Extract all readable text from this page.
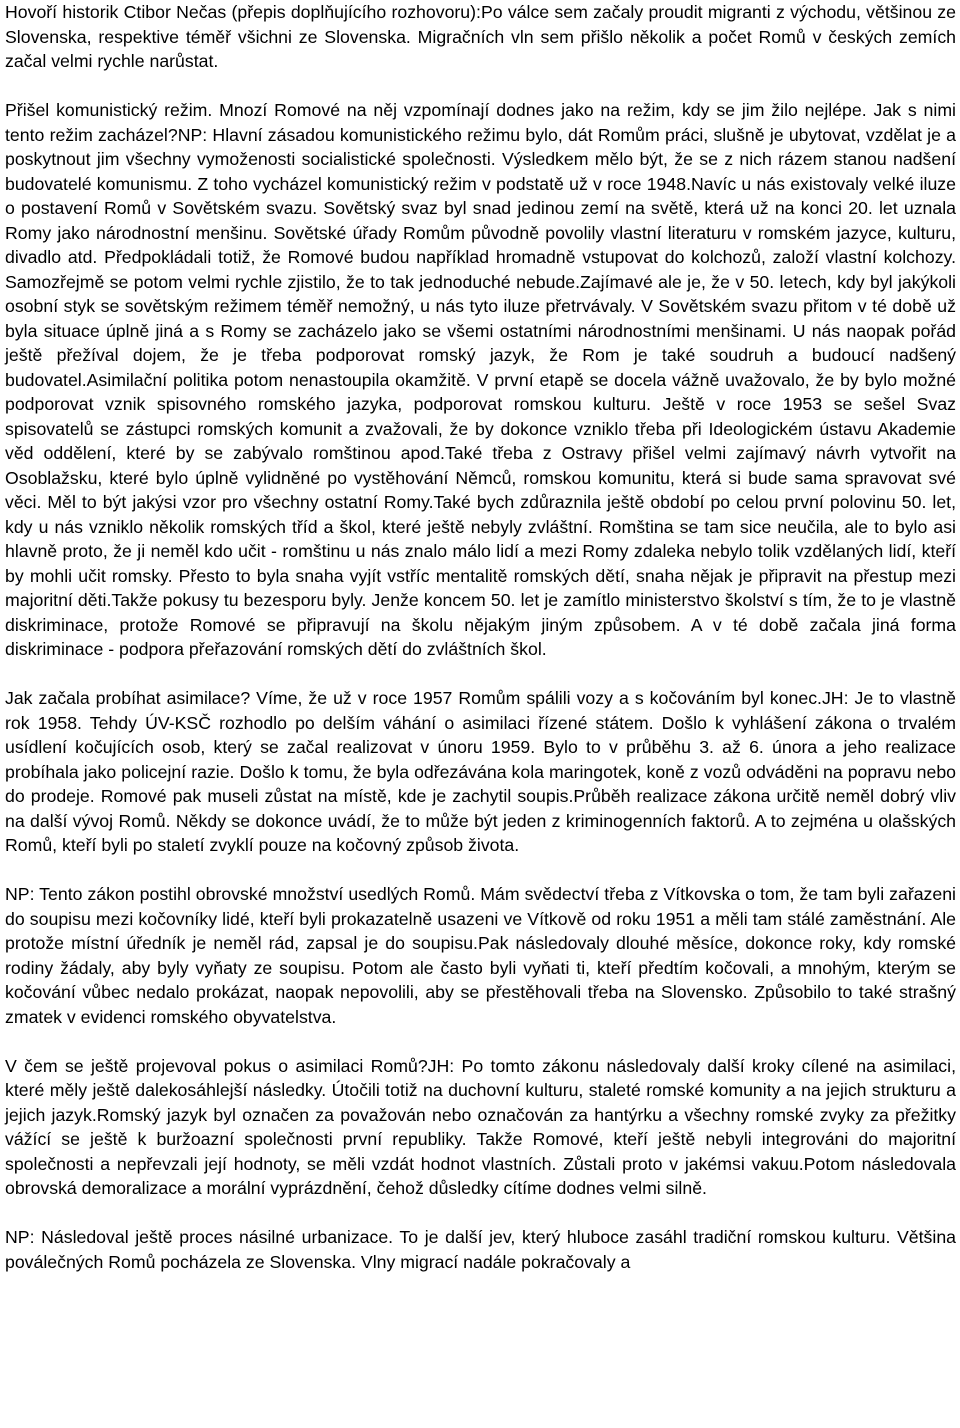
Hovoří historik Ctibor Nečas (přepis doplňujícího rozhovoru):Po válce sem začaly proudit migranti z východu, většinou ze Slovenska, respektive téměř všichni ze Slovenska. Migračních vln sem přišlo několik a počet Romů v českých zemích začal velmi rychle narůstat.

Přišel komunistický režim. Mnozí Romové na něj vzpomínají dodnes jako na režim, kdy se jim žilo nejlépe. Jak s nimi tento režim zacházel?NP: Hlavní zásadou komunistického režimu bylo, dát Romům práci, slušně je ubytovat, vzdělat je a poskytnout jim všechny vymoženosti socialistické společnosti. Výsledkem mělo být, že se z nich rázem stanou nadšení budovatelé komunismu. Z toho vycházel komunistický režim v podstatě už v roce 1948.Navíc u nás existovaly velké iluze o postavení Romů v Sovětském svazu. Sovětský svaz byl snad jedinou zemí na světě, která už na konci 20. let uznala Romy jako národnostní menšinu. Sovětské úřady Romům původně povolily vlastní literaturu v romském jazyce, kulturu, divadlo atd. Předpokládali totiž, že Romové budou například hromadně vstupovat do kolchozů, založí vlastní kolchozy. Samozřejmě se potom velmi rychle zjistilo, že to tak jednoduché nebude.Zajímavé ale je, že v 50. letech, kdy byl jakýkoli osobní styk se sovětským režimem téměř nemožný, u nás tyto iluze přetrvávaly. V Sovětském svazu přitom v té době už byla situace úplně jiná a s Romy se zacházelo jako se všemi ostatními národnostními menšinami. U nás naopak pořád ještě přežíval dojem, že je třeba podporovat romský jazyk, že Rom je také soudruh a budoucí nadšený budovatel.Asimilační politika potom nenastoupila okamžitě. V první etapě se docela vážně uvažovalo, že by bylo možné podporovat vznik spisovného romského jazyka, podporovat romskou kulturu. Ještě v roce 1953 se sešel Svaz spisovatelů se zástupci romských komunit a zvažovali, že by dokonce vzniklo třeba při Ideologickém ústavu Akademie věd oddělení, které by se zabývalo romštinou apod.Také třeba z Ostravy přišel velmi zajímavý návrh vytvořit na Osoblažsku, které bylo úplně vylidněné po vystěhování Němců, romskou komunitu, která si bude sama spravovat své věci. Měl to být jakýsi vzor pro všechny ostatní Romy.Také bych zdůraznila ještě období po celou první polovinu 50. let, kdy u nás vzniklo několik romských tříd a škol, které ještě nebyly zvláštní. Romština se tam sice neučila, ale to bylo asi hlavně proto, že ji neměl kdo učit - romštinu u nás znalo málo lidí a mezi Romy zdaleka nebylo tolik vzdělaných lidí, kteří by mohli učit romsky. Přesto to byla snaha vyjít vstříc mentalitě romských dětí, snaha nějak je připravit na přestup mezi majoritní děti.Takže pokusy tu bezesporu byly. Jenže koncem 50. let je zamítlo ministerstvo školství s tím, že to je vlastně diskriminace, protože Romové se připravují na školu nějakým jiným způsobem. A v té době začala jiná forma diskriminace - podpora přeřazování romských dětí do zvláštních škol.

Jak začala probíhat asimilace? Víme, že už v roce 1957 Romům spálili vozy a s kočováním byl konec.JH: Je to vlastně rok 1958. Tehdy ÚV-KSČ rozhodlo po delším váhání o asimilaci řízené státem. Došlo k vyhlášení zákona o trvalém usídlení kočujících osob, který se začal realizovat v únoru 1959. Bylo to v průběhu 3. až 6. února a jeho realizace probíhala jako policejní razie. Došlo k tomu, že byla odřezávána kola maringotek, koně z vozů odváděni na popravu nebo do prodeje. Romové pak museli zůstat na místě, kde je zachytil soupis.Průběh realizace zákona určitě neměl dobrý vliv na další vývoj Romů. Někdy se dokonce uvádí, že to může být jeden z kriminogenních faktorů. A to zejména u olašských Romů, kteří byli po staletí zvyklí pouze na kočovný způsob života.

NP: Tento zákon postihl obrovské množství usedlých Romů. Mám svědectví třeba z Vítkovska o tom, že tam byli zařazeni do soupisu mezi kočovníky lidé, kteří byli prokazatelně usazeni ve Vítkově od roku 1951 a měli tam stálé zaměstnání. Ale protože místní úředník je neměl rád, zapsal je do soupisu.Pak následovaly dlouhé měsíce, dokonce roky, kdy romské rodiny žádaly, aby byly vyňaty ze soupisu. Potom ale často byli vyňati ti, kteří předtím kočovali, a mnohým, kterým se kočování vůbec nedalo prokázat, naopak nepovolili, aby se přestěhovali třeba na Slovensko. Způsobilo to také strašný zmatek v evidenci romského obyvatelstva.

V čem se ještě projevoval pokus o asimilaci Romů?JH: Po tomto zákonu následovaly další kroky cílené na asimilaci, které měly ještě dalekosáhlejší následky. Útočili totiž na duchovní kulturu, staleté romské komunity a na jejich strukturu a jejich jazyk.Romský jazyk byl označen za považován nebo označován za hantýrku a všechny romské zvyky za přežitky vážící se ještě k buržoazní společnosti první republiky. Takže Romové, kteří ještě nebyli integrováni do majoritní společnosti a nepřevzali její hodnoty, se měli vzdát hodnot vlastních. Zůstali proto v jakémsi vakuu.Potom následovala obrovská demoralizace a morální vyprázdnění, čehož důsledky cítíme dodnes velmi silně.

NP: Následoval ještě proces násilné urbanizace. To je další jev, který hluboce zasáhl tradiční romskou kulturu. Většina poválečných Romů pocházela ze Slovenska. Vlny migrací nadále pokračovaly a
